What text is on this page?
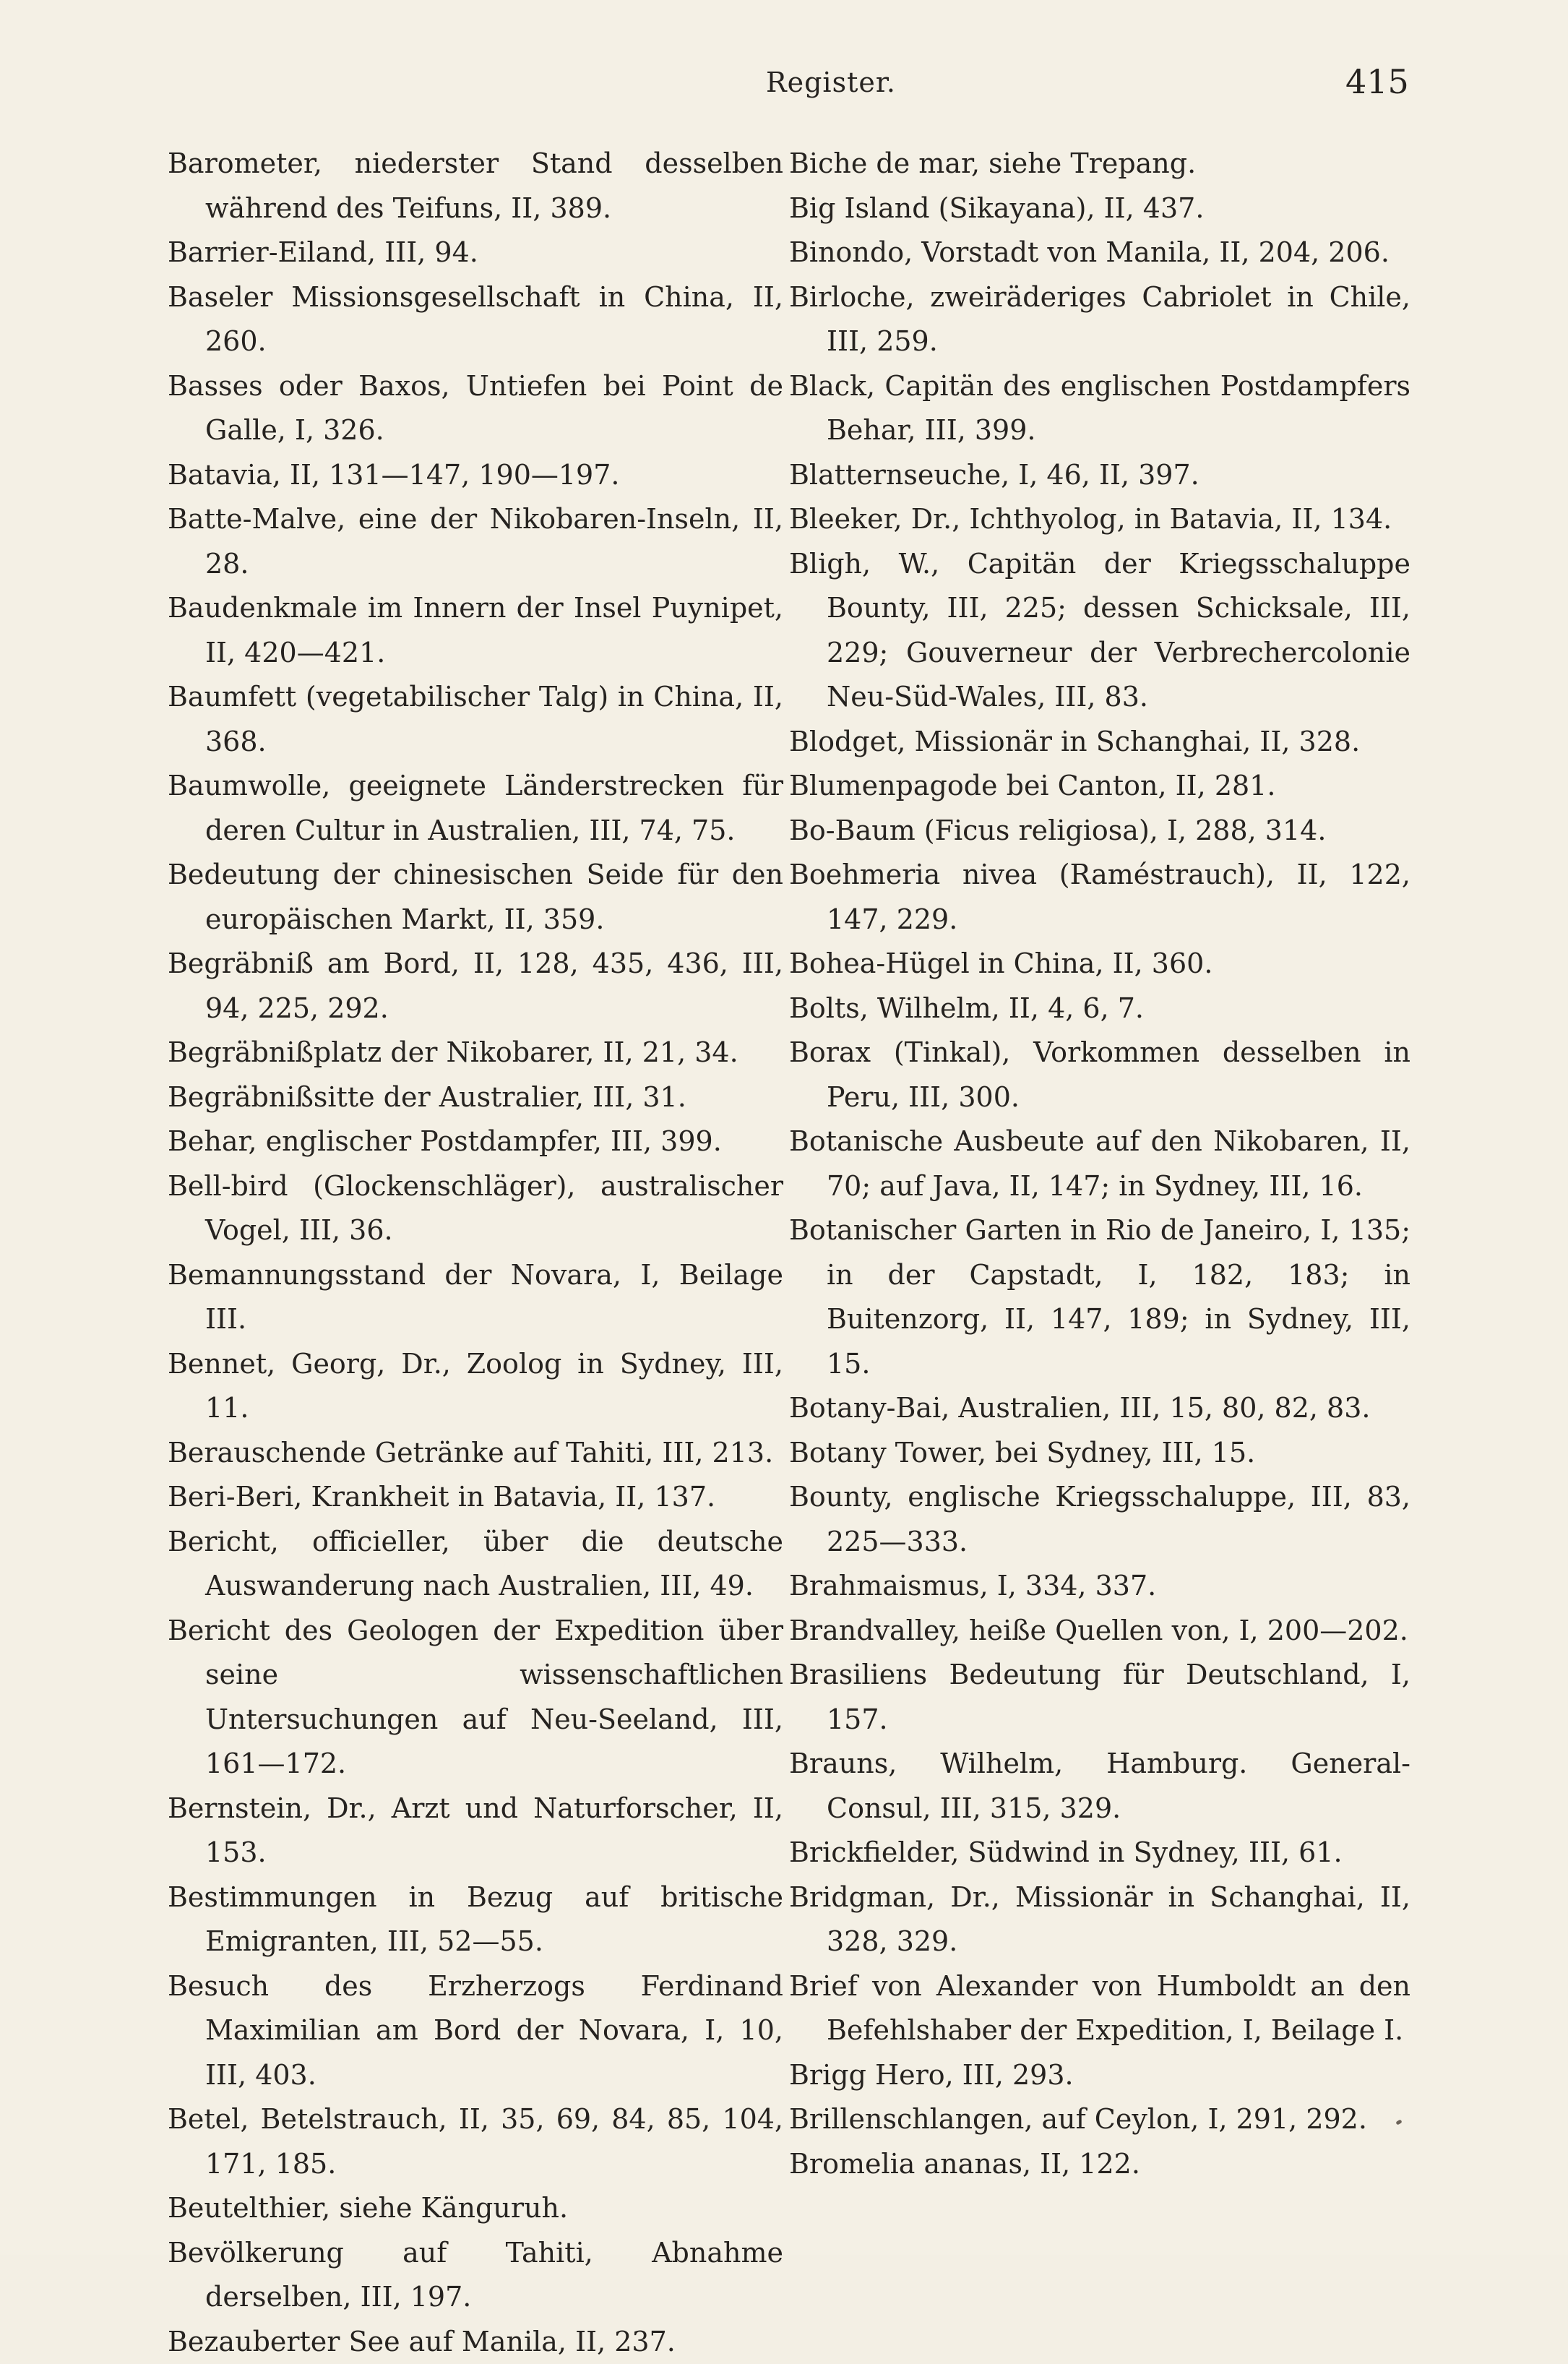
Register.	415

Barometer, niederster Stand desselben während des Teifuns, II, 389.

Barrier-Eiland, III, 94.

Baseler Missionsgesellschaft in China, II, 260.

Basses oder Baxos, Untiefen bei Point de Galle, I, 326.

Batavia, II, 131—147, 190—197.

Batte-Malve, eine der Nikobaren-Inseln, II, 28.

Baudenkmale im Innern der Insel Puynipet, II, 420—421.

Baumfett (vegetabilischer Talg) in China, II, 368.

Baumwolle, geeignete Länderstrecken für deren Cultur in Australien, III, 74, 75.

Bedeutung der chinesischen Seide für den europäischen Markt, II, 359.

Begräbniß am Bord, II, 128, 435, 436, III, 94, 225, 292.

Begräbnißplatz der Nikobarer, II, 21, 34.

Begräbnißsitte der Australier, III, 31.

Behar, englischer Postdampfer, III, 399.

Bell-bird (Glockenschläger), australischer Vogel, III, 36.

Bemannungsstand der Novara, I, Beilage III.

Bennet, Georg, Dr., Zoolog in Sydney, III, 11.

Berauschende Getränke auf Tahiti, III, 213.

Beri-Beri, Krankheit in Batavia, II, 137.

Bericht, officieller, über die deutsche Auswanderung nach Australien, III, 49.

Bericht des Geologen der Expedition über seine wissenschaftlichen Untersuchungen auf Neu-Seeland, III, 161—172.

Bernstein, Dr., Arzt und Naturforscher, II, 153.

Bestimmungen in Bezug auf britische Emigranten, III, 52—55.

Besuch des Erzherzogs Ferdinand Maximilian am Bord der Novara, I, 10, III, 403.

Betel, Betelstrauch, II, 35, 69, 84, 85, 104, 171, 185.

Beutelthier, siehe Känguruh.

Bevölkerung auf Tahiti, Abnahme derselben, III, 197.

Bezauberter See auf Manila, II, 237.

Biche de mar, siehe Trepang.

Big Island (Sikayana), II, 437.

Binondo, Vorstadt von Manila, II, 204, 206.

Birloche, zweiräderiges Cabriolet in Chile, III, 259.

Black, Capitän des englischen Postdampfers Behar, III, 399.

Blatternseuche, I, 46, II, 397.

Bleeker, Dr., Ichthyolog, in Batavia, II, 134.

Bligh, W., Capitän der Kriegsschaluppe Bounty, III, 225; dessen Schicksale, III, 229; Gouverneur der Verbrechercolonie Neu-Süd-Wales, III, 83.

Blodget, Missionär in Schanghai, II, 328.

Blumenpagode bei Canton, II, 281.

Bo-Baum (Ficus religiosa), I, 288, 314.

Boehmeria nivea (Raméstrauch), II, 122, 147, 229.

Bohea-Hügel in China, II, 360.

Bolts, Wilhelm, II, 4, 6, 7.

Borax (Tinkal), Vorkommen desselben in Peru, III, 300.

Botanische Ausbeute auf den Nikobaren, II, 70; auf Java, II, 147; in Sydney, III, 16.

Botanischer Garten in Rio de Janeiro, I, 135; in der Capstadt, I, 182, 183; in Buitenzorg, II, 147, 189; in Sydney, III, 15.

Botany-Bai, Australien, III, 15, 80, 82, 83.

Botany Tower, bei Sydney, III, 15.

Bounty, englische Kriegsschaluppe, III, 83, 225—333.

Brahmaismus, I, 334, 337.

Brandvalley, heiße Quellen von, I, 200—202.

Brasiliens Bedeutung für Deutschland, I, 157.

Brauns, Wilhelm, Hamburg. General-Consul, III, 315, 329.

Brickfielder, Südwind in Sydney, III, 61.

Bridgman, Dr., Missionär in Schanghai, II, 328, 329.

Brief von Alexander von Humboldt an den Befehlshaber der Expedition, I, Beilage I.

Brigg Hero, III, 293.

Brillenschlangen, auf Ceylon, I, 291, 292.

Bromelia ananas, II, 122.
